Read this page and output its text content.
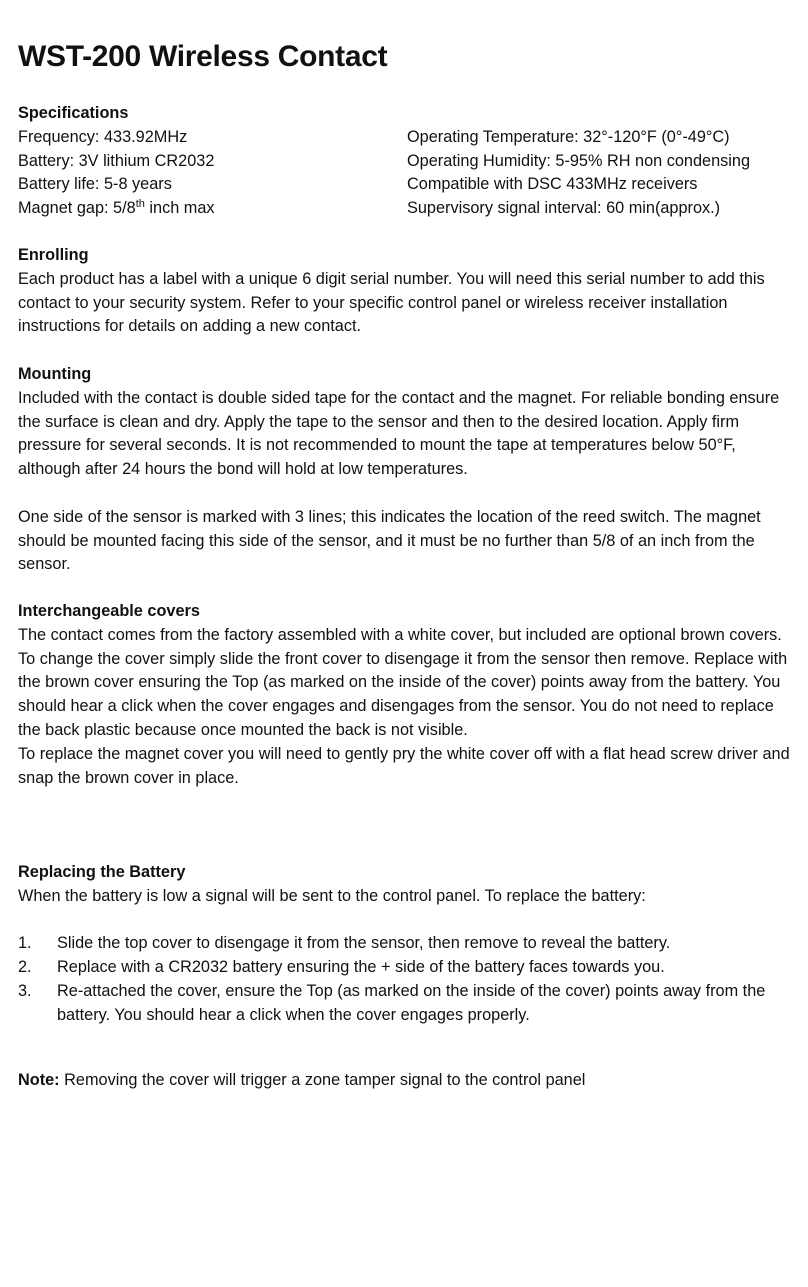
WST-200 Wireless Contact
Specifications
Frequency: 433.92MHz	Operating Temperature: 32°-120°F (0°-49°C)
Battery: 3V lithium CR2032	Operating Humidity: 5-95% RH non condensing
Battery life: 5-8 years	Compatible with DSC 433MHz receivers
Magnet gap: 5/8th inch max	Supervisory signal interval: 60 min(approx.)
Enrolling
Each product has a label with a unique 6 digit serial number. You will need this serial number to add this contact to your security system. Refer to your specific control panel or wireless receiver installation instructions for details on adding a new contact.
Mounting
Included with the contact is double sided tape for the contact and the magnet. For reliable bonding ensure the surface is clean and dry. Apply the tape to the sensor and then to the desired location. Apply firm pressure for several seconds. It is not recommended to mount the tape at temperatures below 50°F, although after 24 hours the bond will hold at low temperatures.
One side of the sensor is marked with 3 lines; this indicates the location of the reed switch. The magnet should be mounted facing this side of the sensor, and it must be no further than 5/8 of an inch from the sensor.
Interchangeable covers
The contact comes from the factory assembled with a white cover, but included are optional brown covers. To change the cover simply slide the front cover to disengage it from the sensor then remove. Replace with the brown cover ensuring the Top (as marked on the inside of the cover) points away from the battery. You should hear a click when the cover engages and disengages from the sensor. You do not need to replace the back plastic because once mounted the back is not visible.
To replace the magnet cover you will need to gently pry the white cover off with a flat head screw driver and snap the brown cover in place.
Replacing the Battery
When the battery is low a signal will be sent to the control panel. To replace the battery:
1. Slide the top cover to disengage it from the sensor, then remove to reveal the battery.
2. Replace with a CR2032 battery ensuring the + side of the battery faces towards you.
3. Re-attached the cover, ensure the Top (as marked on the inside of the cover) points away from the battery. You should hear a click when the cover engages properly.
Note: Removing the cover will trigger a zone tamper signal to the control panel
